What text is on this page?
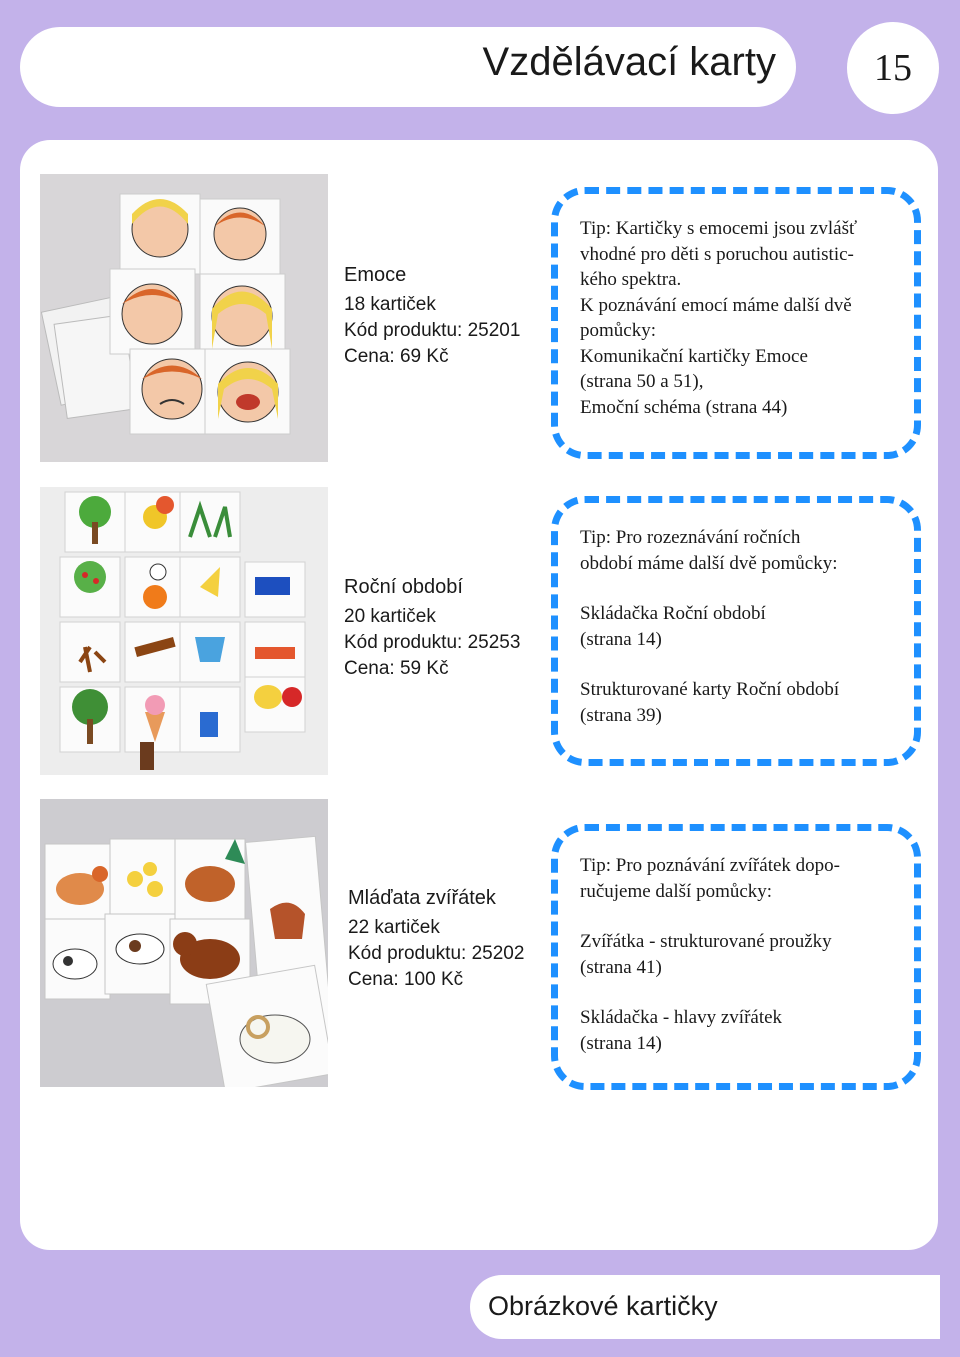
Vzdělávací karty	15
Emoce
18 kartiček
Kód produktu: 25201
Cena: 69 Kč

Tip: Kartičky s emocemi jsou zvlášť

vhodné pro děti s poruchou autistic-

kého spektra.

K poznávání emocí máme další dvě

pomůcky:

Komunikační kartičky Emoce

(strana 50 a 51),

Emoční schéma (strana 44)

Roční období
20 kartiček
Kód produktu: 25253
Cena: 59 Kč

Tip: Pro rozeznávání ročních

období máme další dvě pomůcky:

Skládačka Roční období

(strana 14)

Strukturované karty Roční období

(strana 39)

Mláďata zvířátek
22 kartiček
Kód produktu: 25202
Cena: 100 Kč

Tip: Pro poznávání zvířátek dopo-

ručujeme další pomůcky:

Zvířátka - strukturované proužky

(strana 41)

Skládačka - hlavy zvířátek

(strana 14)

Obrázkové kartičky
